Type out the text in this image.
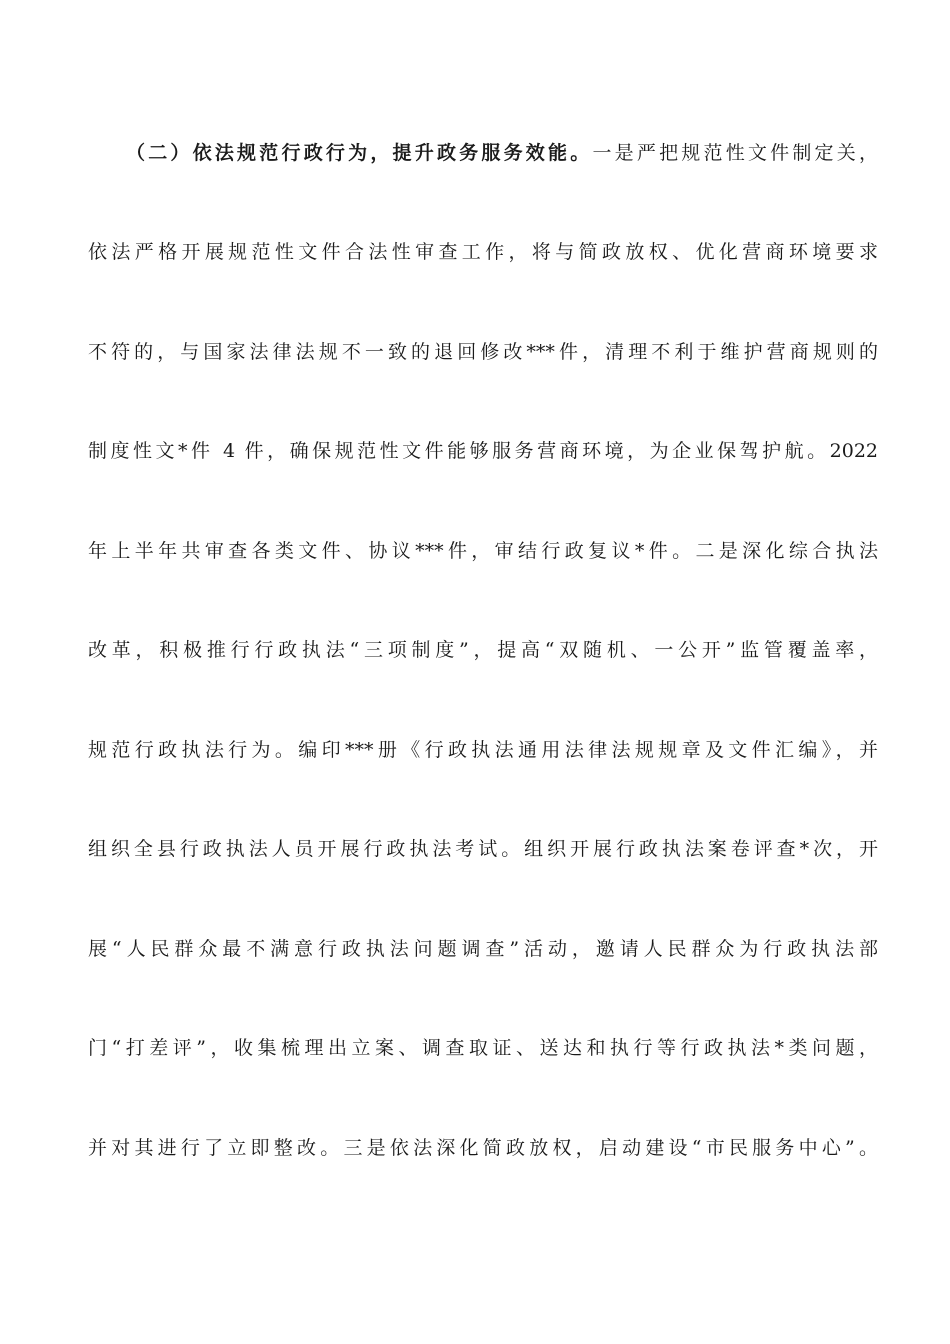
（二）依法规范行政行为，提升政务服务效能。一是严把规范性文件制定关，
依法严格开展规范性文件合法性审查工作，将与简政放权、优化营商环境要求
不符的，与国家法律法规不一致的退回修改***件，清理不利于维护营商规则的
制度性文*件 4 件，确保规范性文件能够服务营商环境，为企业保驾护航。2022
年上半年共审查各类文件、协议***件，审结行政复议*件。二是深化综合执法
改革，积极推行行政执法“三项制度”，提高“双随机、一公开”监管覆盖率，
规范行政执法行为。编印***册《行政执法通用法律法规规章及文件汇编》，并
组织全县行政执法人员开展行政执法考试。组织开展行政执法案卷评查*次，开
展“人民群众最不满意行政执法问题调查”活动，邀请人民群众为行政执法部
门“打差评”，收集梳理出立案、调查取证、送达和执行等行政执法*类问题，
并对其进行了立即整改。三是依法深化简政放权，启动建设“市民服务中心”。
